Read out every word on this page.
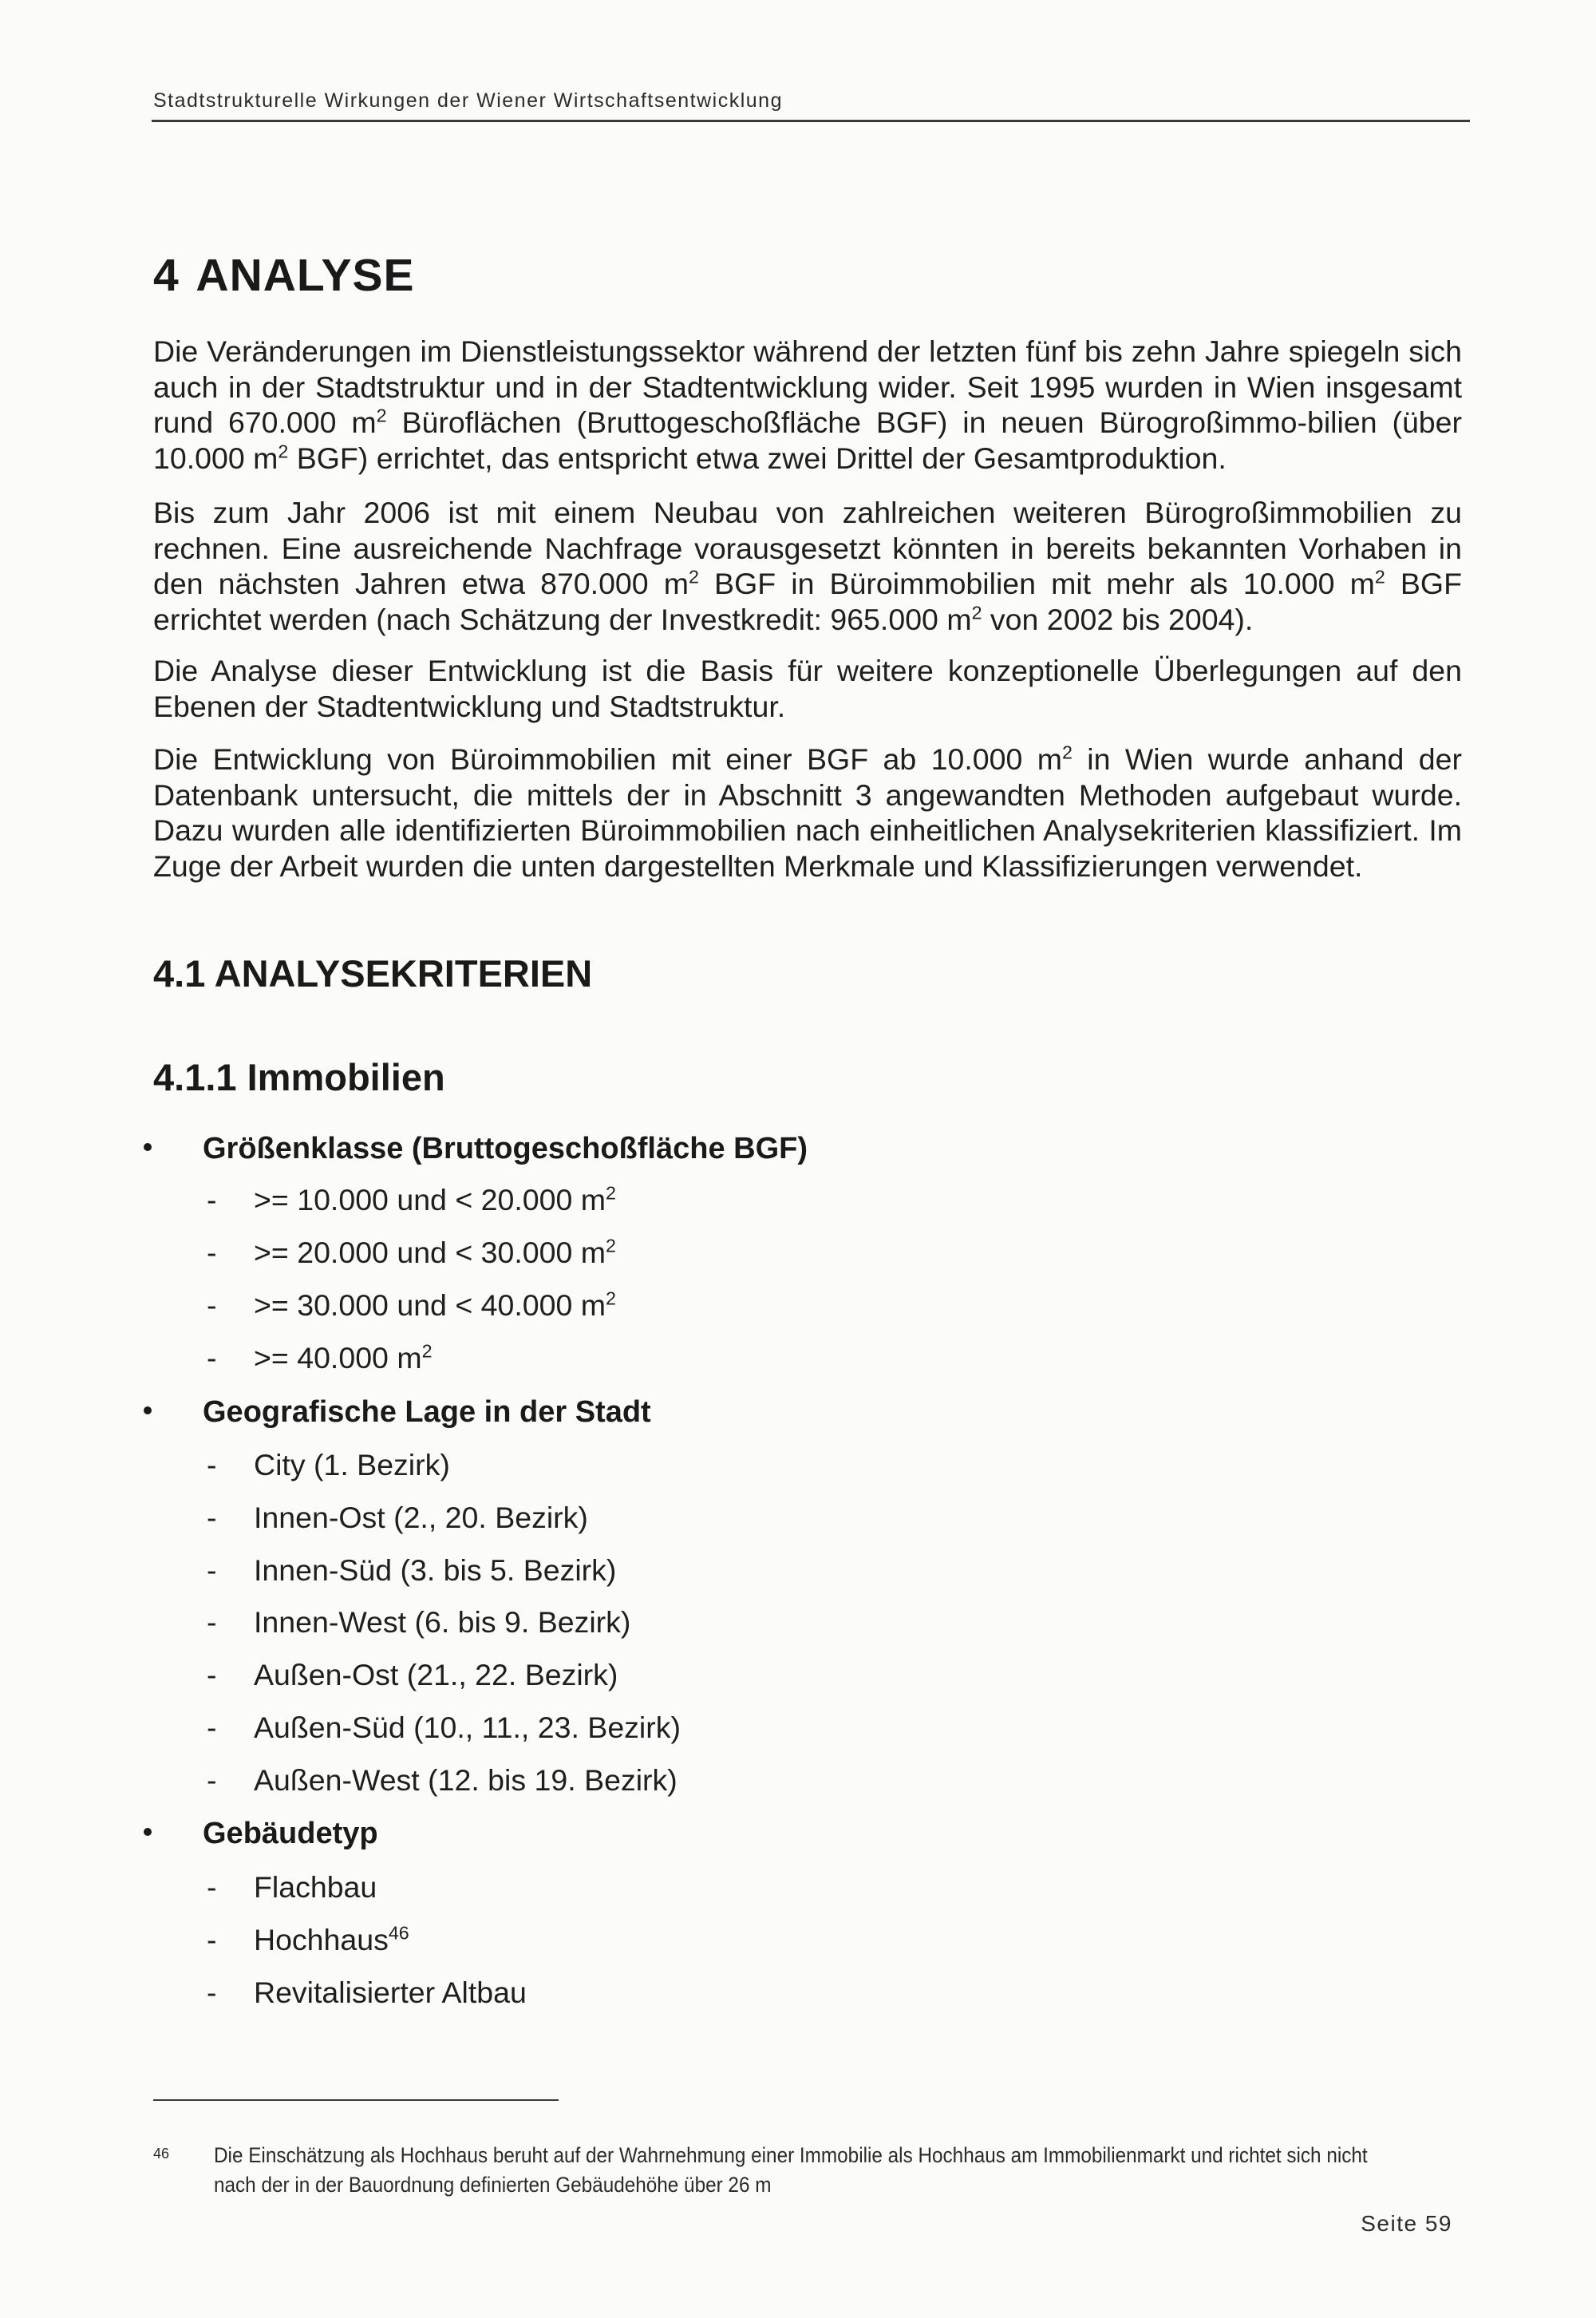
Stadtstrukturelle Wirkungen der Wiener Wirtschaftsentwicklung
4 ANALYSE

Die Veränderungen im Dienstleistungssektor während der letzten fünf bis zehn Jahre spiegeln sich auch in der Stadtstruktur und in der Stadtentwicklung wider. Seit 1995 wurden in Wien insgesamt rund 670.000 $m^2$ Büroflächen (Bruttogeschoßfläche BGF) in neuen Bürogroßimmo-bilien (über 10.000 $m^2$ BGF) errichtet, das entspricht etwa zwei Drittel der Gesamtproduktion.

Bis zum Jahr 2006 ist mit einem Neubau von zahlreichen weiteren Bürogroßimmobilien zu rechnen. Eine ausreichende Nachfrage vorausgesetzt könnten in bereits bekannten Vorhaben in den nächsten Jahren etwa 870.000 $m^2$ BGF in Büroimmobilien mit mehr als 10.000 $m^2$ BGF errichtet werden (nach Schätzung der Investkredit: 965.000 $m^2$ von 2002 bis 2004).

Die Analyse dieser Entwicklung ist die Basis für weitere konzeptionelle Überlegungen auf den Ebenen der Stadtentwicklung und Stadtstruktur.

Die Entwicklung von Büroimmobilien mit einer BGF ab 10.000 $m^2$ in Wien wurde anhand der Datenbank untersucht, die mittels der in Abschnitt 3 angewandten Methoden aufgebaut wurde. Dazu wurden alle identifizierten Büroimmobilien nach einheitlichen Analysekriterien klassifiziert. Im Zuge der Arbeit wurden die unten dargestellten Merkmale und Klassifizierungen verwendet.

4.1 ANALYSEKRITERIEN
4.1.1 Immobilien
Größenklasse (Bruttogeschoßfläche BGF)
- >= 10.000 und < 20.000 $m^2$
- >= 20.000 und < 30.000 $m^2$
- >= 30.000 und < 40.000 $m^2$
- >= 40.000 $m^2$
Geografische Lage in der Stadt
- City (1. Bezirk)
- Innen-Ost (2., 20. Bezirk)
- Innen-Süd (3. bis 5. Bezirk)
- Innen-West (6. bis 9. Bezirk)
- Außen-Ost (21., 22. Bezirk)
- Außen-Süd (10., 11., 23. Bezirk)
- Außen-West (12. bis 19. Bezirk)
Gebäudetyp
- Flachbau
- Hochhaus$^{46}$
- Revitalisierter Altbau
46 Die Einschätzung als Hochhaus beruht auf der Wahrnehmung einer Immobilie als Hochhaus am Immobilienmarkt und richtet sich nicht
nach der in der Bauordnung definierten Gebäudehöhe über 26 m
Seite 59
